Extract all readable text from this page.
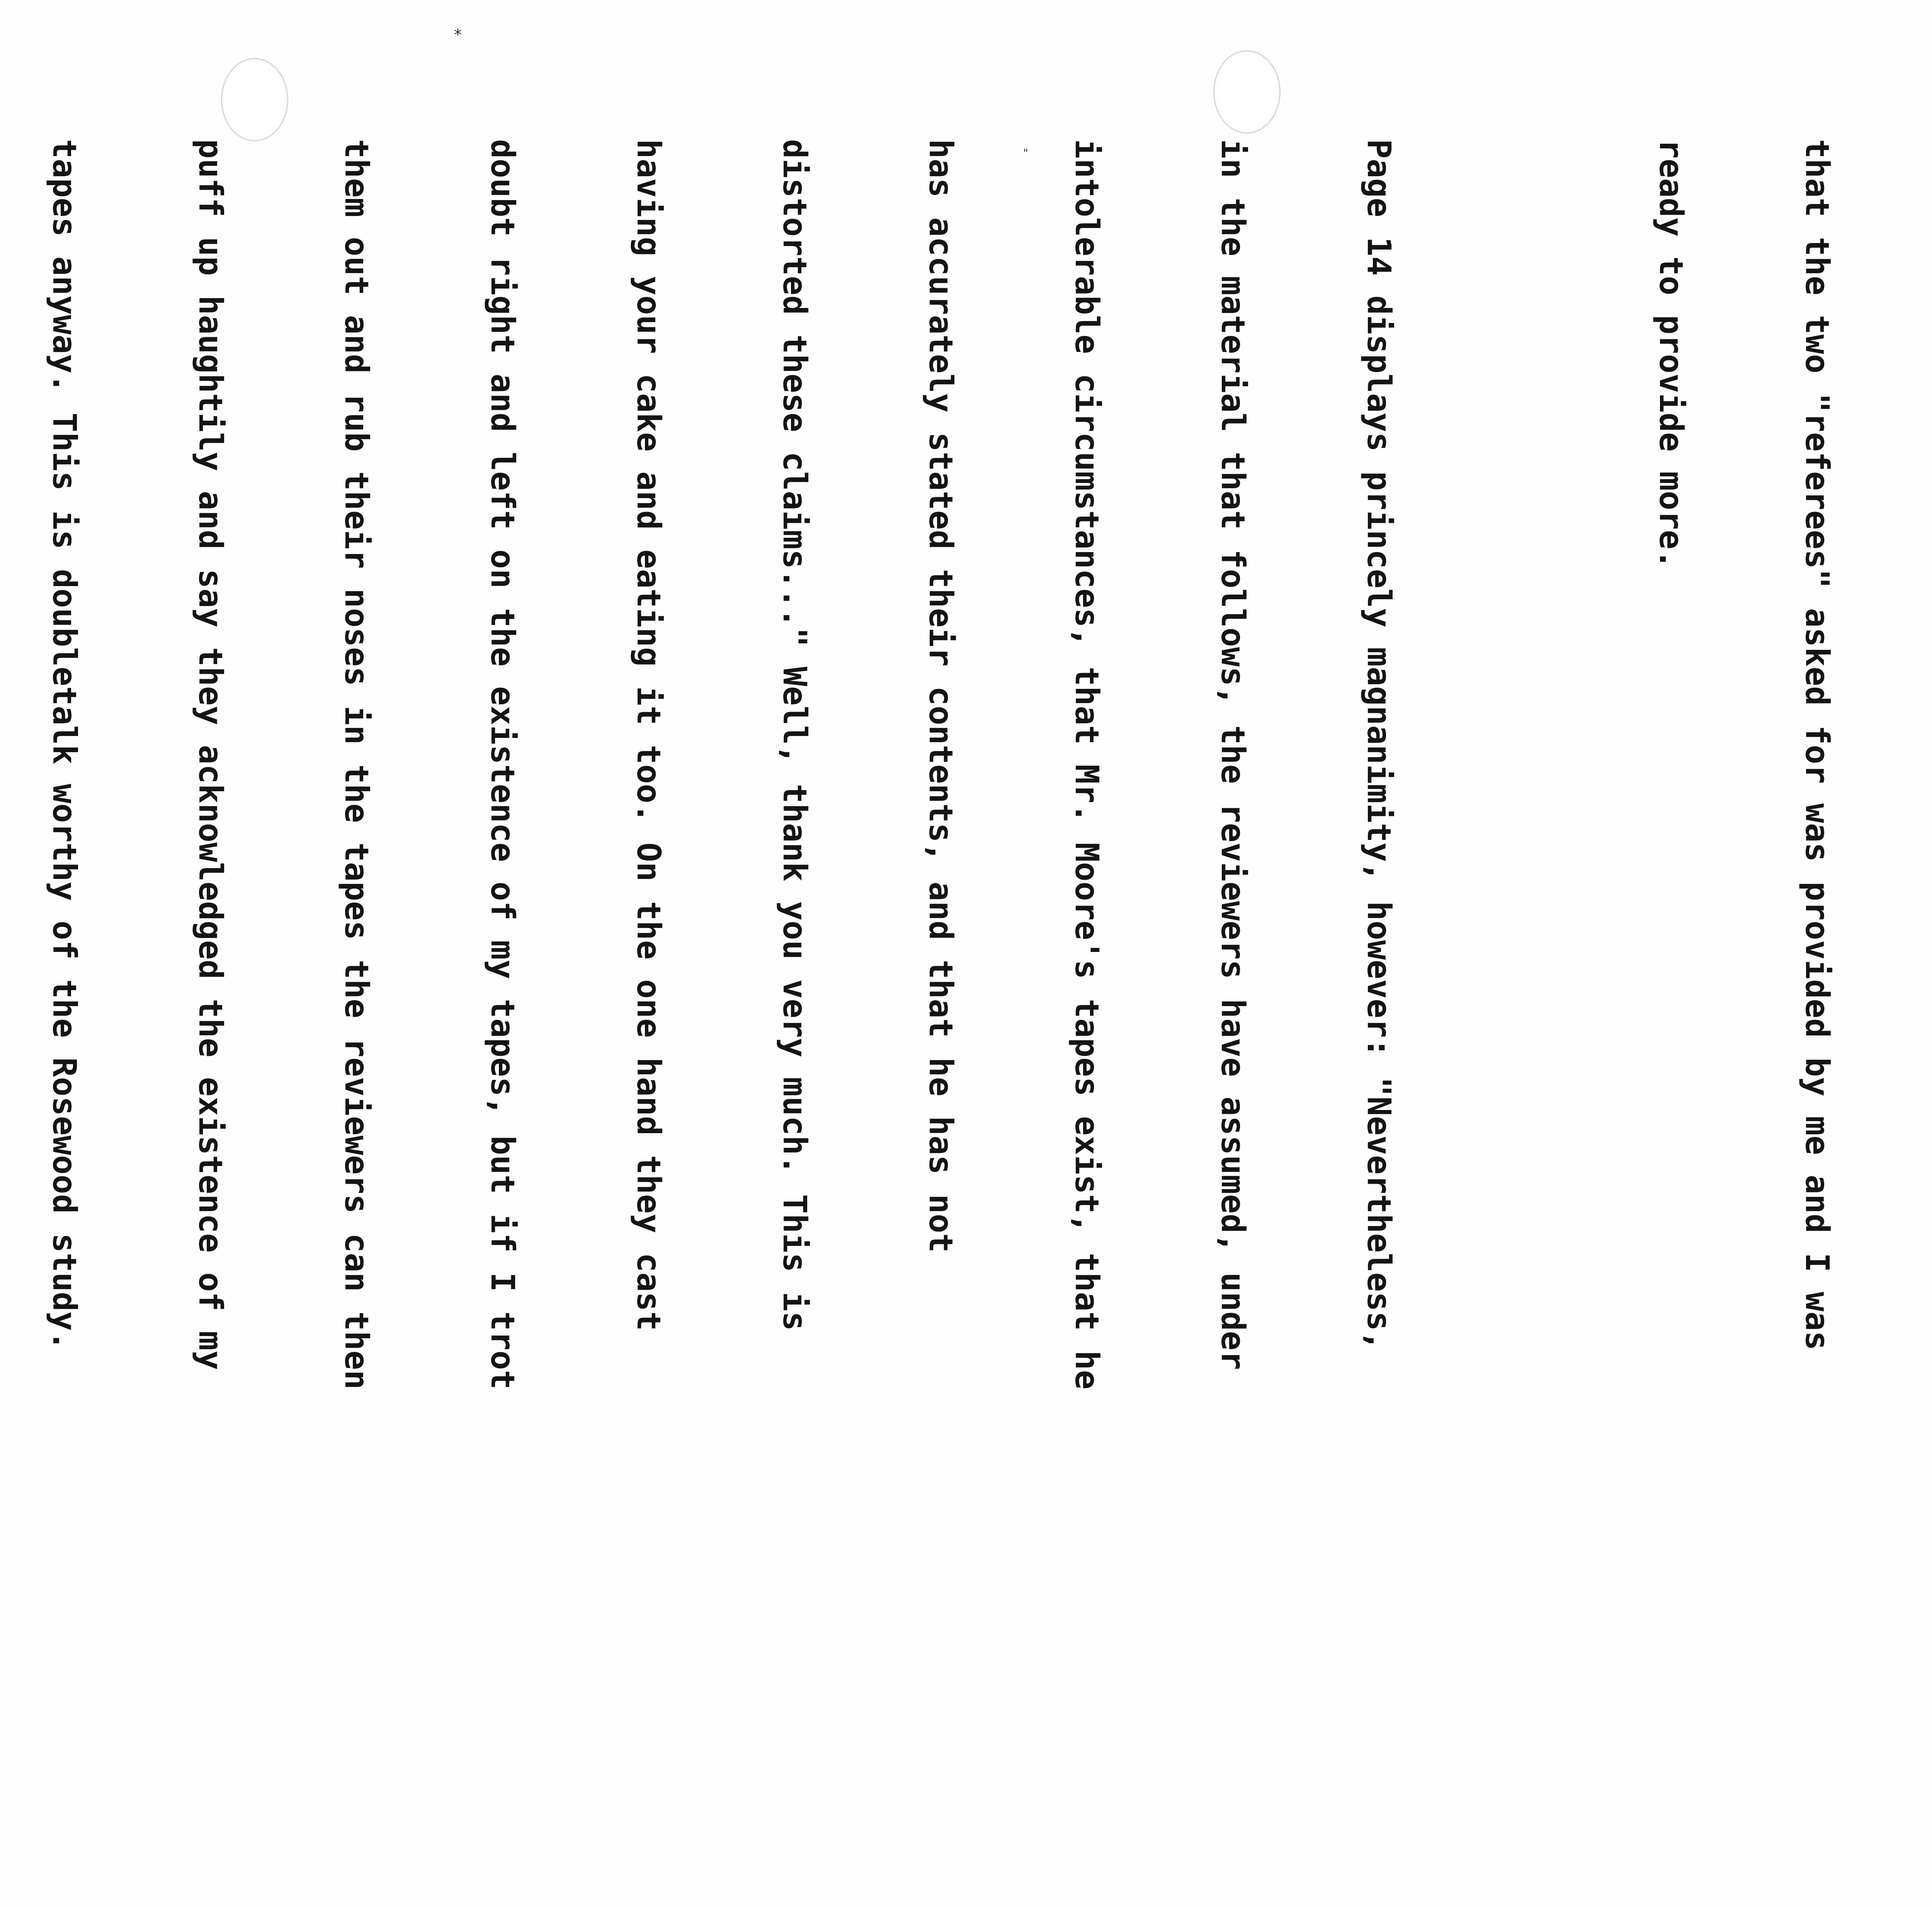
⁎
"

	that the two "referees" asked for was provided by me and I was

ready to provide more.

Page 14 displays princely magnanimity, however: "Nevertheless,

in the material that follows, the reviewers have assumed, under

intolerable circumstances, that Mr. Moore's tapes exist, that he

has accurately stated their contents, and that he has not

distorted these claims..." Well, thank you very much. This is

having your cake and eating it too. On the one hand they cast

doubt right and left on the existence of my tapes, but if I trot

them out and rub their noses in the tapes the reviewers can then

puff up haughtily and say they acknowledged the existence of my

tapes anyway. This is doubletalk worthy of the Rosewood study.
